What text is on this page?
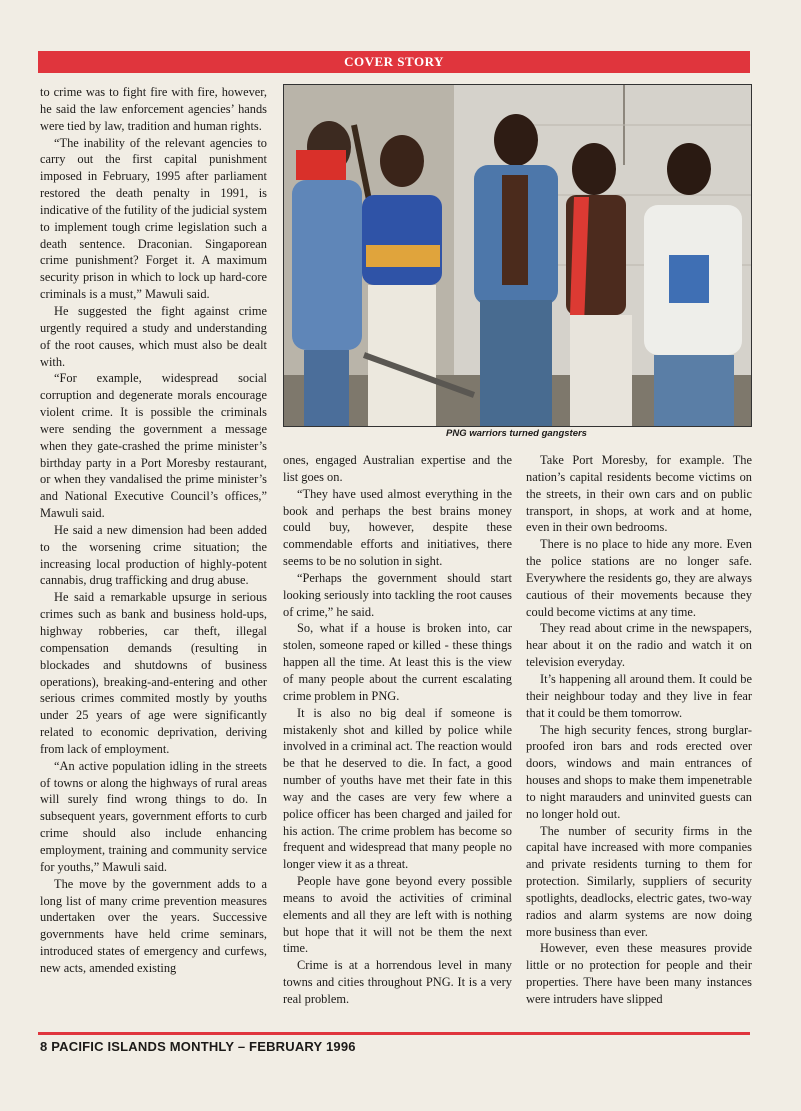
COVER STORY

to crime was to fight fire with fire, however, he said the law enforcement agencies’ hands were tied by law, tradition and human rights.

“The inability of the relevant agencies to carry out the first capital punishment imposed in February, 1995 after parliament restored the death penalty in 1991, is indicative of the futility of the judicial system to implement tough crime legislation such a death sentence. Draconian. Singaporean crime punishment? Forget it. A maximum security prison in which to lock up hard-core criminals is a must,” Mawuli said.

He suggested the fight against crime urgently required a study and understanding of the root causes, which must also be dealt with.

“For example, widespread social corruption and degenerate morals encourage violent crime. It is possible the criminals were sending the government a message when they gate-crashed the prime minister’s birthday party in a Port Moresby restaurant, or when they vandalised the prime minister’s and National Executive Council’s offices,” Mawuli said.

He said a new dimension had been added to the worsening crime situation; the increasing local production of highly-potent cannabis, drug trafficking and drug abuse.

He said a remarkable upsurge in serious crimes such as bank and business hold-ups, highway robberies, car theft, illegal compensation demands (resulting in blockades and shutdowns of business operations), breaking-and-entering and other serious crimes commited mostly by youths under 25 years of age were significantly related to economic deprivation, deriving from lack of employment.

“An active population idling in the streets of towns or along the highways of rural areas will surely find wrong things to do. In subsequent years, government efforts to curb crime should also include enhancing employment, training and community service for youths,” Mawuli said.

The move by the government adds to a long list of many crime prevention measures undertaken over the years. Successive governments have held crime seminars, introduced states of emergency and curfews, new acts, amended existing

PNG warriors turned gangsters

ones, engaged Australian expertise and the list goes on.

“They have used almost everything in the book and perhaps the best brains money could buy, however, despite these commendable efforts and initiatives, there seems to be no solution in sight.

“Perhaps the government should start looking seriously into tackling the root causes of crime,” he said.

So, what if a house is broken into, car stolen, someone raped or killed - these things happen all the time. At least this is the view of many people about the current escalating crime problem in PNG.

It is also no big deal if someone is mistakenly shot and killed by police while involved in a criminal act. The reaction would be that he deserved to die. In fact, a good number of youths have met their fate in this way and the cases are very few where a police officer has been charged and jailed for his action. The crime problem has become so frequent and widespread that many people no longer view it as a threat.

People have gone beyond every possible means to avoid the activities of criminal elements and all they are left with is nothing but hope that it will not be them the next time.

Crime is at a horrendous level in many towns and cities throughout PNG. It is a very real problem.

Take Port Moresby, for example. The nation’s capital residents become victims on the streets, in their own cars and on public transport, in shops, at work and at home, even in their own bedrooms.

There is no place to hide any more. Even the police stations are no longer safe. Everywhere the residents go, they are always cautious of their movements because they could become victims at any time.

They read about crime in the newspapers, hear about it on the radio and watch it on television everyday.

It’s happening all around them. It could be their neighbour today and they live in fear that it could be them tomorrow.

The high security fences, strong burglar-proofed iron bars and rods erected over doors, windows and main entrances of houses and shops to make them impenetrable to night marauders and uninvited guests can no longer hold out.

The number of security firms in the capital have increased with more companies and private residents turning to them for protection. Similarly, suppliers of security spotlights, deadlocks, electric gates, two-way radios and alarm systems are now doing more business than ever.

However, even these measures provide little or no protection for people and their properties. There have been many instances were intruders have slipped

8 PACIFIC ISLANDS MONTHLY – FEBRUARY 1996
